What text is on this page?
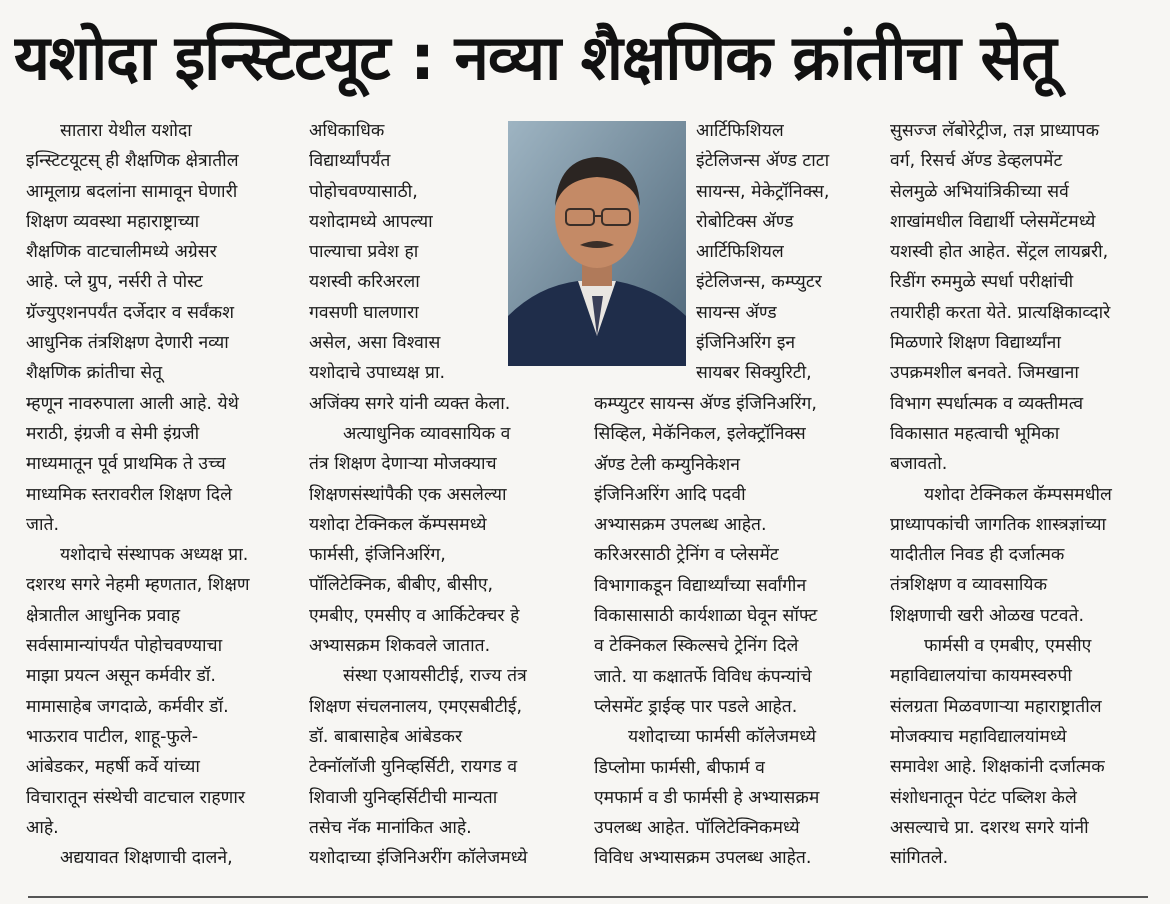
यशोदा इन्स्टिटयूट : नव्या शैक्षणिक क्रांतीचा सेतू
सातारा येथील यशोदा
इन्स्टिटयूटस् ही शैक्षणिक क्षेत्रातील
आमूलाग्र बदलांना सामावून घेणारी
शिक्षण व्यवस्था महाराष्ट्राच्या
शैक्षणिक वाटचालीमध्ये अग्रेसर
आहे. प्ले ग्रुप, नर्सरी ते पोस्ट
ग्रॅज्युएशनपर्यंत दर्जेदार व सर्वंकश
आधुनिक तंत्रशिक्षण देणारी नव्या
शैक्षणिक क्रांतीचा सेतू
म्हणून नावरुपाला आली आहे. येथे
मराठी, इंग्रजी व सेमी इंग्रजी
माध्यमातून पूर्व प्राथमिक ते उच्च
माध्यमिक स्तरावरील शिक्षण दिले
जाते.
यशोदाचे संस्थापक अध्यक्ष प्रा.
दशरथ सगरे नेहमी म्हणतात, शिक्षण
क्षेत्रातील आधुनिक प्रवाह
सर्वसामान्यांपर्यंत पोहोचवण्याचा
माझा प्रयत्न असून कर्मवीर डॉ.
मामासाहेब जगदाळे, कर्मवीर डॉ.
भाऊराव पाटील, शाहू-फुले-
आंबेडकर, महर्षी कर्वे यांच्या
विचारातून संस्थेची वाटचाल राहणार
आहे.
अद्ययावत शिक्षणाची दालने,
अधिकाधिक
विद्यार्थ्यांपर्यंत
पोहोचवण्यासाठी,
यशोदामध्ये आपल्या
पाल्याचा प्रवेश हा
यशस्वी करिअरला
गवसणी घालणारा
असेल, असा विश्वास
यशोदाचे उपाध्यक्ष प्रा.
अजिंक्य सगरे यांनी व्यक्त केला.
अत्याधुनिक व्यावसायिक व
तंत्र शिक्षण देणाऱ्या मोजक्याच
शिक्षणसंस्थांपैकी एक असलेल्या
यशोदा टेक्निकल कॅम्पसमध्ये
फार्मसी, इंजिनिअरिंग,
पॉलिटेक्निक, बीबीए, बीसीए,
एमबीए, एमसीए व आर्किटेक्चर हे
अभ्यासक्रम शिकवले जातात.
संस्था एआयसीटीई, राज्य तंत्र
शिक्षण संचलनालय, एमएसबीटीई,
डॉ. बाबासाहेब आंबेडकर
टेक्नॉलॉजी युनिव्हर्सिटी, रायगड व
शिवाजी युनिव्हर्सिटीची मान्यता
तसेच नॅक मानांकित आहे.
यशोदाच्या इंजिनिअरींग कॉलेजमध्ये
आर्टिफिशियल
इंटेलिजन्स ॲण्ड टाटा
सायन्स, मेकेट्रॉनिक्स,
रोबोटिक्स ॲण्ड
आर्टिफिशियल
इंटेलिजन्स, कम्प्युटर
सायन्स ॲण्ड
इंजिनिअरिंग इन
सायबर सिक्युरिटी,
कम्प्युटर सायन्स ॲण्ड इंजिनिअरिंग,
सिव्हिल, मेकॅनिकल, इलेक्ट्रॉनिक्स
ॲण्ड टेली कम्युनिकेशन
इंजिनिअरिंग आदि पदवी
अभ्यासक्रम उपलब्ध आहेत.
करिअरसाठी ट्रेनिंग व प्लेसमेंट
विभागाकडून विद्यार्थ्यांच्या सर्वांगीन
विकासासाठी कार्यशाळा घेवून सॉफ्ट
व टेक्निकल स्किल्सचे ट्रेनिंग दिले
जाते. या कक्षातर्फे विविध कंपन्यांचे
प्लेसमेंट ड्राईव्ह पार पडले आहेत.
यशोदाच्या फार्मसी कॉलेजमध्ये
डिप्लोमा फार्मसी, बीफार्म व
एमफार्म व डी फार्मसी हे अभ्यासक्रम
उपलब्ध आहेत. पॉलिटेक्निकमध्ये
विविध अभ्यासक्रम उपलब्ध आहेत.
सुसज्ज लॅबोरेट्रीज, तज्ञ प्राध्यापक
वर्ग, रिसर्च ॲण्ड डेव्हलपमेंट
सेलमुळे अभियांत्रिकीच्या सर्व
शाखांमधील विद्यार्थी प्लेसमेंटमध्ये
यशस्वी होत आहेत. सेंट्रल लायब्ररी,
रिडींग रुममुळे स्पर्धा परीक्षांची
तयारीही करता येते. प्रात्यक्षिकाव्दारे
मिळणारे शिक्षण विद्यार्थ्यांना
उपक्रमशील बनवते. जिमखाना
विभाग स्पर्धात्मक व व्यक्तीमत्व
विकासात महत्वाची भूमिका
बजावतो.
यशोदा टेक्निकल कॅम्पसमधील
प्राध्यापकांची जागतिक शास्त्रज्ञांच्या
यादीतील निवड ही दर्जात्मक
तंत्रशिक्षण व व्यावसायिक
शिक्षणाची खरी ओळख पटवते.
फार्मसी व एमबीए, एमसीए
महाविद्यालयांचा कायमस्वरुपी
संलग्रता मिळवणाऱ्या महाराष्ट्रातील
मोजक्याच महाविद्यालयांमध्ये
समावेश आहे. शिक्षकांनी दर्जात्मक
संशोधनातून पेटंट पब्लिश केले
असल्याचे प्रा. दशरथ सगरे यांनी
सांगितले.
